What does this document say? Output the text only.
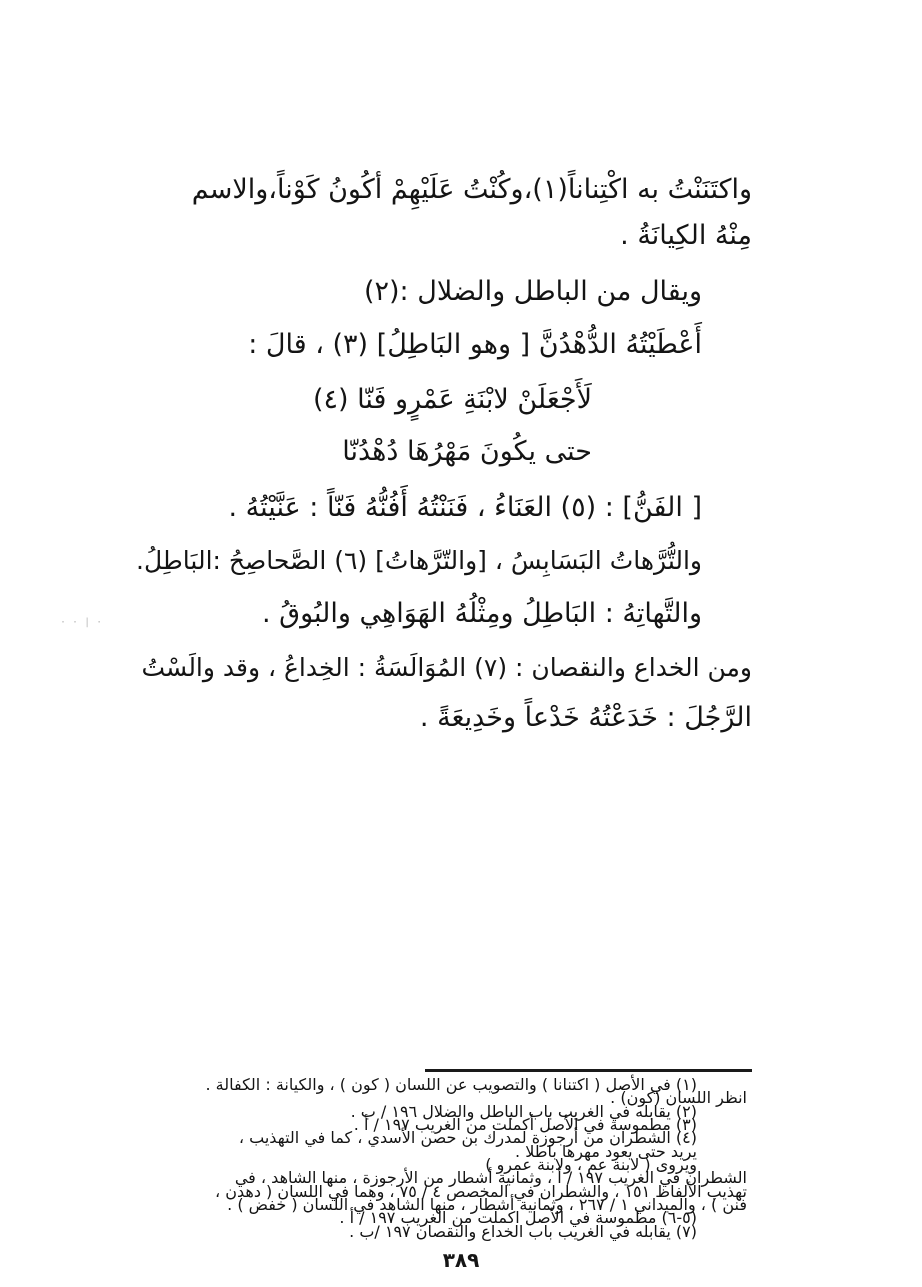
واكتَنَنْتُ به اكْتِناناً(١)،وكُنْتُ عَلَيْهِمْ أكُونُ كَوْناً،والاسم
مِنْهُ الكِيانَةُ .
ويقال من الباطل والضلال :(٢)
أَعْطَيْتُهُ الدُّهْدُنَّ [ وهو البَاطِلُ] (٣) ، قالَ :
لَأَجْعَلَنْ لابْنَةِ عَمْرٍو فَنّا (٤)
حتى يكُونَ مَهْرُهَا دُهْدُنّا
[ الفَنُّ] : (٥) العَنَاءُ ، فَنَنْتُهُ أَفُنُّهُ فَنّاً : عَنَّيْتُهُ .
والتُّرَّهاتُ البَسَابِسُ ، [والتّرَّهاتُ] (٦) الصَّحاصِحُ :البَاطِلُ.
والتَّهاتِهُ : البَاطِلُ ومِثْلُهُ الهَوَاهِي والبُوقُ .
ومن الخداع والنقصان : (٧) المُوَالَسَةُ : الخِداعُ ، وقد والَسْتُ
الرَّجُلَ : خَدَعْتُهُ خَدْعاً وخَدِيعَةً .
· · | ·
(١) في الأصل ( اكتنانا ) والتصويب عن اللسان ( كون ) ، والكيانة : الكفالة .
انظر اللسان (كون) .
(٢) يقابله في الغريب باب الباطل والضلال ١٩٦ / ب .
(٣) مطموسة في الأصل أكملت من الغريب ١٩٧ / أ .
(٤) الشطران من أرجوزة لمدرك بن حصن الأسدي ، كما في التهذيب ،
يريد حتى يعود مهرها باطلا .
ويروى ( لابنة عم ، ولابنة عمرو )
الشطران في الغريب ١٩٧ / أ ، وثمانية أشطار من الأرجوزة ، منها الشاهد ، في
تهذيب الألفاظ ١٥١ ، والشطران في المخصص ٤ / ٧٥ ، وهما في اللسان ( دهدن ،
فنن ) ، والميداني ١ / ٢٦٧ ، وثمانية أشطار ، منها الشاهد في اللسان ( خفض ) .
(٥-٦) مطموسة في الأصل اكملت من الغريب ١٩٧ / أ .
(٧) يقابله في الغريب باب الخداع والنقصان ١٩٧ /ب .
٣٨٩
